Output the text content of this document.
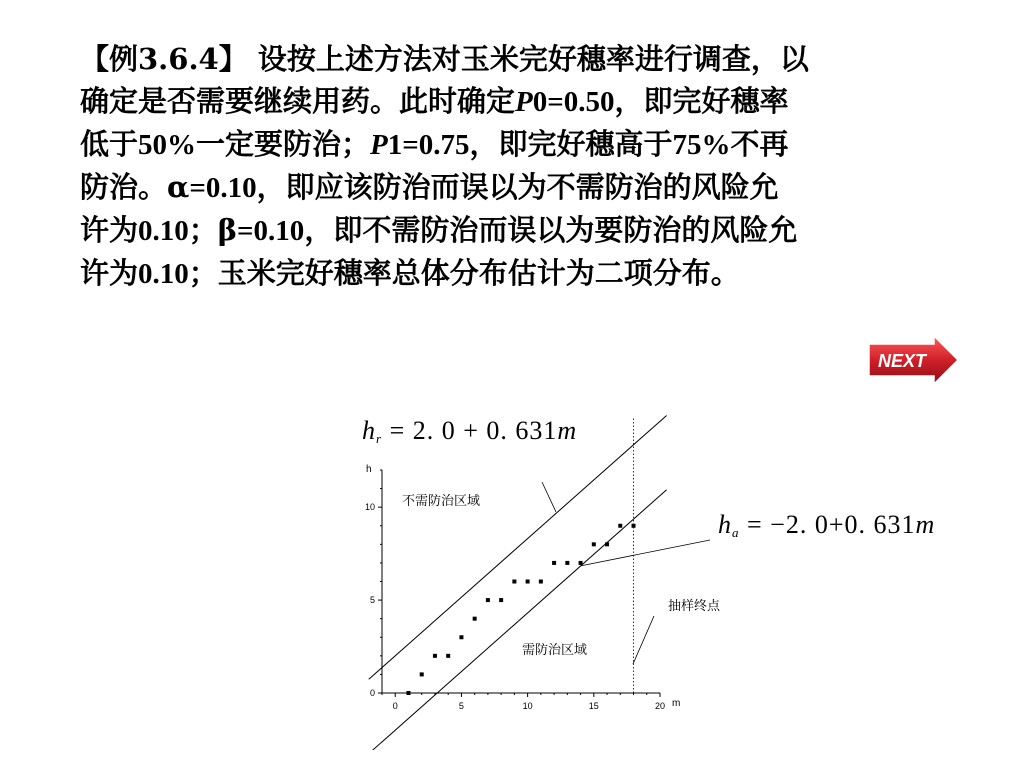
【例3.6.4】 设按上述方法对玉米完好穗率进行调查，以
确定是否需要继续用药。此时确定P0=0.50，即完好穗率
低于50%一定要防治；P1=0.75，即完好穗高于75%不再
防治。α=0.10，即应该防治而误以为不需防治的风险允
许为0.10；β=0.10，即不需防治而误以为要防治的风险允
许为0.10；玉米完好穗率总体分布估计为二项分布。
NEXT
$h_r = 2$. 0 + 0. 631m
$h_a = -2$. 0+0. 631m
0	5	10	15	20
0
5
10
h
m
不需防治区域
需防治区域
抽样终点
